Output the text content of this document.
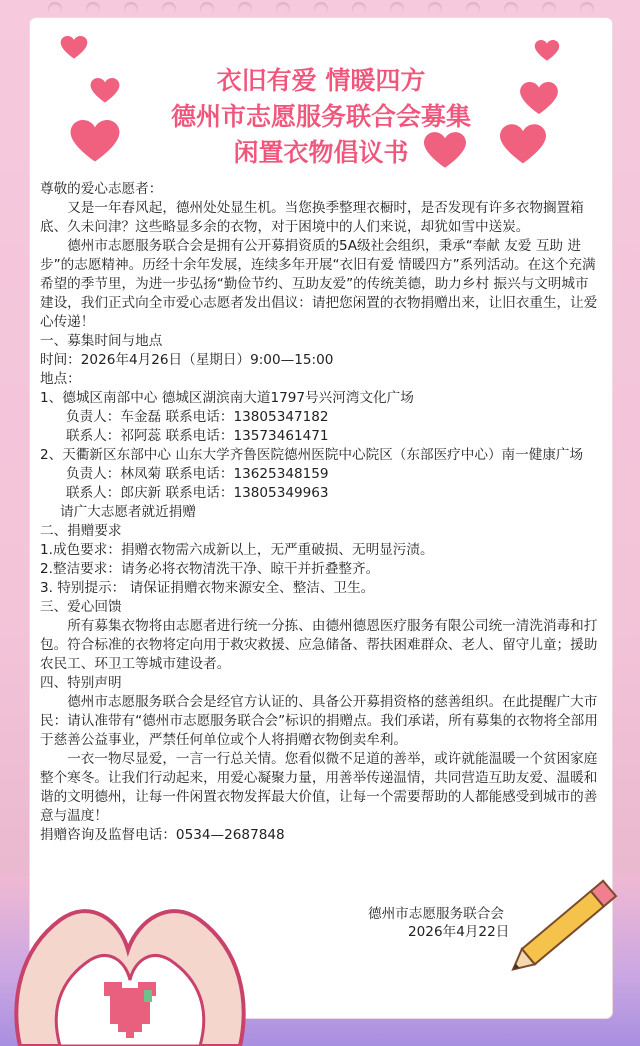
衣旧有爱 情暖四方
德州市志愿服务联合会募集
闲置衣物倡议书

尊敬的爱心志愿者：

又是一年春风起，德州处处显生机。当您换季整理衣橱时，是否发现有许多衣物搁置箱底、久未问津？这些略显多余的衣物，对于困境中的人们来说，却犹如雪中送炭。

德州市志愿服务联合会是拥有公开募捐资质的5A级社会组织，秉承“奉献 友爱 互助 进步”的志愿精神。历经十余年发展，连续多年开展“衣旧有爱 情暖四方”系列活动。在这个充满希望的季节里，为进一步弘扬“勤俭节约、互助友爱”的传统美德，助力乡村 振兴与文明城市建设，我们正式向全市爱心志愿者发出倡议：请把您闲置的衣物捐赠出来，让旧衣重生，让爱心传递！

一、募集时间与地点

时间：2026年4月26日（星期日）9:00—15:00

地点：

1、德城区南部中心 德城区湖滨南大道1797号兴河湾文化广场

负责人：车金磊 联系电话：13805347182

联系人：祁阿蕊 联系电话：13573461471

2、天衢新区东部中心 山东大学齐鲁医院德州医院中心院区（东部医疗中心）南一健康广场

负责人：林凤菊 联系电话：13625348159

联系人：郎庆新 联系电话：13805349963

请广大志愿者就近捐赠

二、捐赠要求

1.成色要求：捐赠衣物需六成新以上，无严重破损、无明显污渍。

2.整洁要求：请务必将衣物清洗干净、晾干并折叠整齐。

3. 特别提示： 请保证捐赠衣物来源安全、整洁、卫生。

三、爱心回馈

所有募集衣物将由志愿者进行统一分拣、由德州德恩医疗服务有限公司统一清洗消毒和打包。符合标准的衣物将定向用于救灾救援、应急储备、帮扶困难群众、老人、留守儿童；援助农民工、环卫工等城市建设者。

四、特别声明

德州市志愿服务联合会是经官方认证的、具备公开募捐资格的慈善组织。在此提醒广大市民：请认准带有“德州市志愿服务联合会”标识的捐赠点。我们承诺，所有募集的衣物将全部用于慈善公益事业，严禁任何单位或个人将捐赠衣物倒卖牟利。

一衣一物尽显爱，一言一行总关情。您看似微不足道的善举，或许就能温暖一个贫困家庭整个寒冬。让我们行动起来，用爱心凝聚力量，用善举传递温情，共同营造互助友爱、温暖和谐的文明德州，让每一件闲置衣物发挥最大价值，让每一个需要帮助的人都能感受到城市的善意与温度！

捐赠咨询及监督电话：0534—2687848

德州市志愿服务联合会
2026年4月22日
